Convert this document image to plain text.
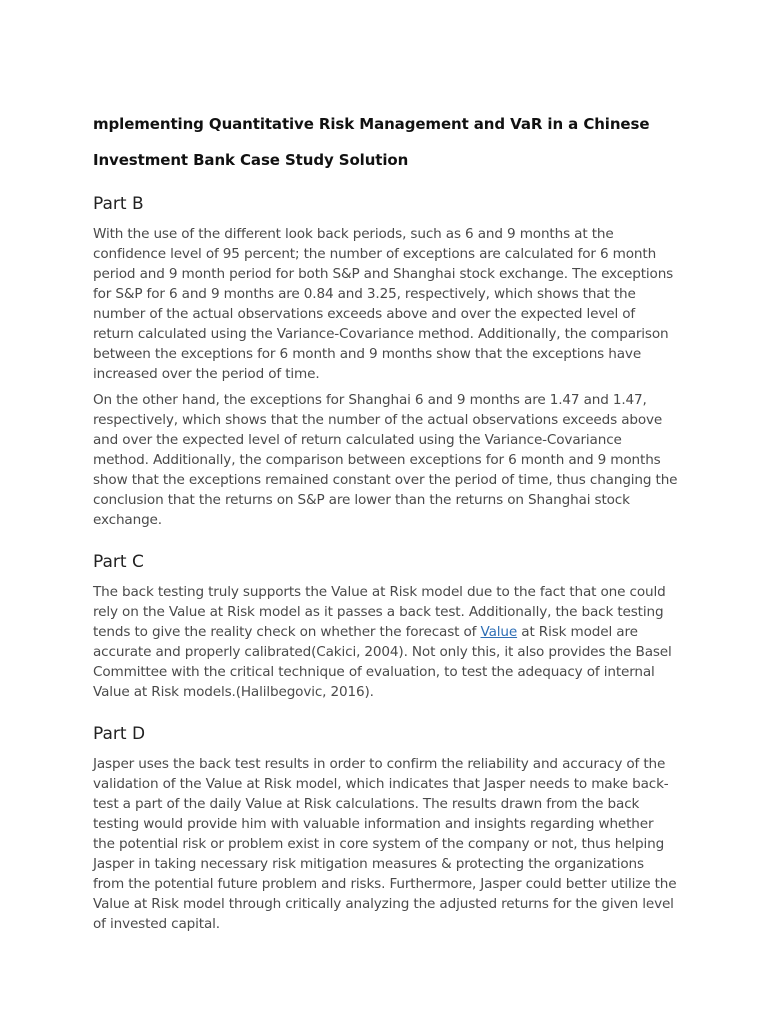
mplementing Quantitative Risk Management and VaR in a Chinese
Investment Bank Case Study Solution
Part B

With the use of the different look back periods, such as 6 and 9 months at the confidence level of 95 percent; the number of exceptions are calculated for 6 month period and 9 month period for both S&P and Shanghai stock exchange. The exceptions for S&P for 6 and 9 months are 0.84 and 3.25, respectively, which shows that the number of the actual observations exceeds above and over the expected level of return calculated using the Variance-Covariance method. Additionally, the comparison between the exceptions for 6 month and 9 months show that the exceptions have increased over the period of time.

On the other hand, the exceptions for Shanghai 6 and 9 months are 1.47 and 1.47, respectively, which shows that the number of the actual observations exceeds above and over the expected level of return calculated using the Variance-Covariance method. Additionally, the comparison between exceptions for 6 month and 9 months show that the exceptions remained constant over the period of time, thus changing the conclusion that the returns on S&P are lower than the returns on Shanghai stock exchange.

Part C

The back testing truly supports the Value at Risk model due to the fact that one could rely on the Value at Risk model as it passes a back test. Additionally, the back testing tends to give the reality check on whether the forecast of Value at Risk model are accurate and properly calibrated(Cakici, 2004). Not only this, it also provides the Basel Committee with the critical technique of evaluation, to test the adequacy of internal Value at Risk models.(Halilbegovic, 2016).

Part D

Jasper uses the back test results in order to confirm the reliability and accuracy of the validation of the Value at Risk model, which indicates that Jasper needs to make back-test a part of the daily Value at Risk calculations. The results drawn from the back testing would provide him with valuable information and insights regarding whether the potential risk or problem exist in core system of the company or not, thus helping Jasper in taking necessary risk mitigation measures & protecting the organizations from the potential future problem and risks. Furthermore, Jasper could better utilize the Value at Risk model through critically analyzing the adjusted returns for the given level of invested capital.
